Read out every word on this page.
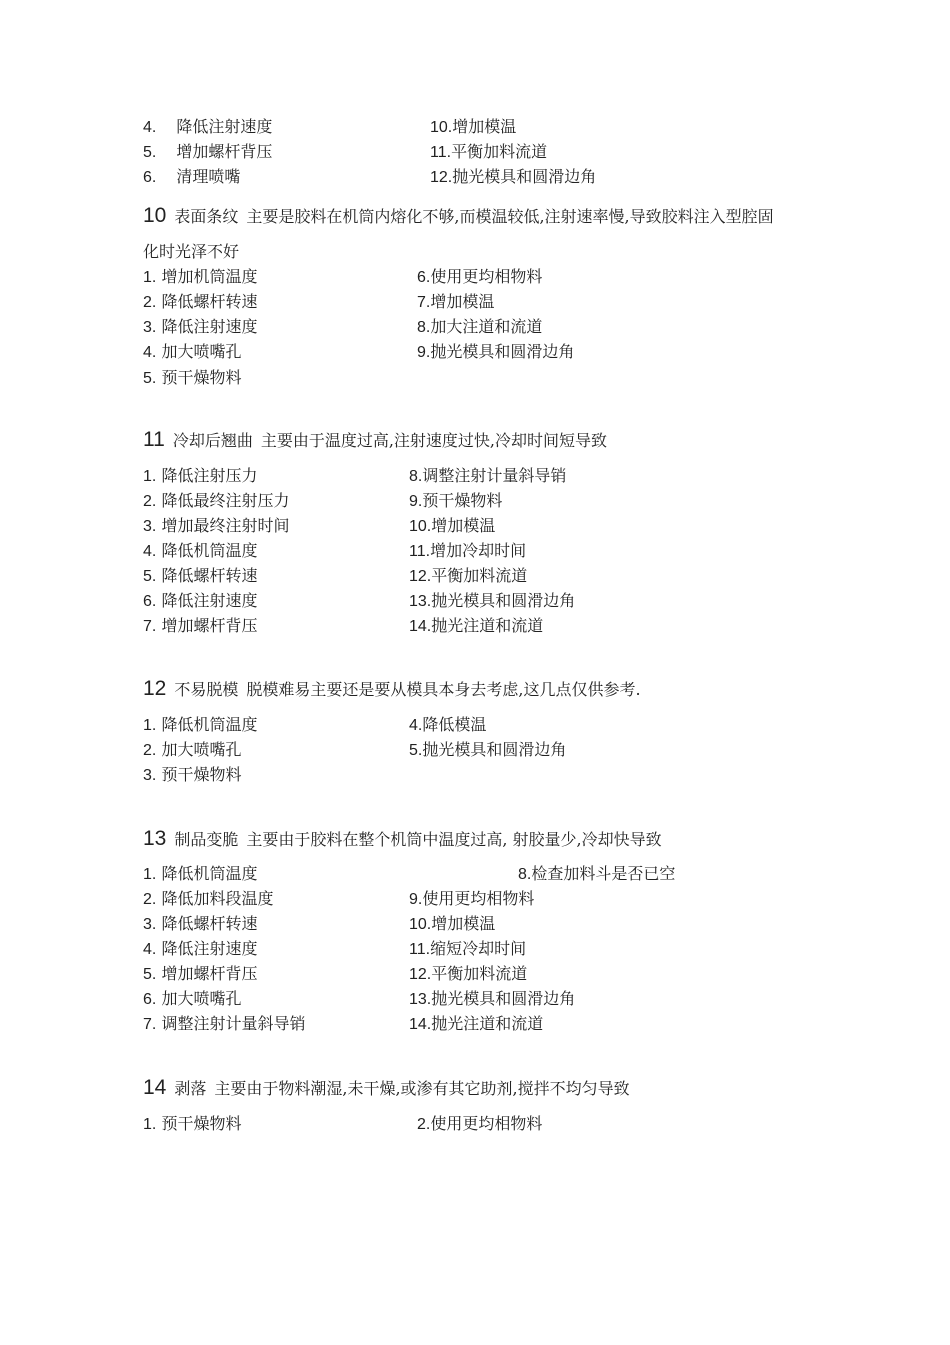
4. 降低注射速度
5. 增加螺杆背压
6. 清理喷嘴
10.增加模温
11.平衡加料流道
12.抛光模具和圆滑边角
10 表面条纹 主要是胶料在机筒内熔化不够,而模温较低,注射速率慢,导致胶料注入型腔固
化时光泽不好
1. 增加机筒温度
2. 降低螺杆转速
3. 降低注射速度
4. 加大喷嘴孔
5. 预干燥物料
6.使用更均相物料
7.增加模温
8.加大注道和流道
9.抛光模具和圆滑边角
11 冷却后翘曲 主要由于温度过高,注射速度过快,冷却时间短导致
1. 降低注射压力
2. 降低最终注射压力
3. 增加最终注射时间
4. 降低机筒温度
5. 降低螺杆转速
6. 降低注射速度
7. 增加螺杆背压
8.调整注射计量斜导销
9.预干燥物料
10.增加模温
11.增加冷却时间
12.平衡加料流道
13.抛光模具和圆滑边角
14.抛光注道和流道
12 不易脱模 脱模难易主要还是要从模具本身去考虑,这几点仅供参考.
1. 降低机筒温度
2. 加大喷嘴孔
3. 预干燥物料
4.降低模温
5.抛光模具和圆滑边角
13 制品变脆 主要由于胶料在整个机筒中温度过高, 射胶量少,冷却快导致
1. 降低机筒温度
2. 降低加料段温度
3. 降低螺杆转速
4. 降低注射速度
5. 增加螺杆背压
6. 加大喷嘴孔
7. 调整注射计量斜导销
8.检查加料斗是否已空
9.使用更均相物料
10.增加模温
11.缩短冷却时间
12.平衡加料流道
13.抛光模具和圆滑边角
14.抛光注道和流道
14 剥落 主要由于物料潮湿,未干燥,或渗有其它助剂,搅拌不均匀导致
1. 预干燥物料	2.使用更均相物料
